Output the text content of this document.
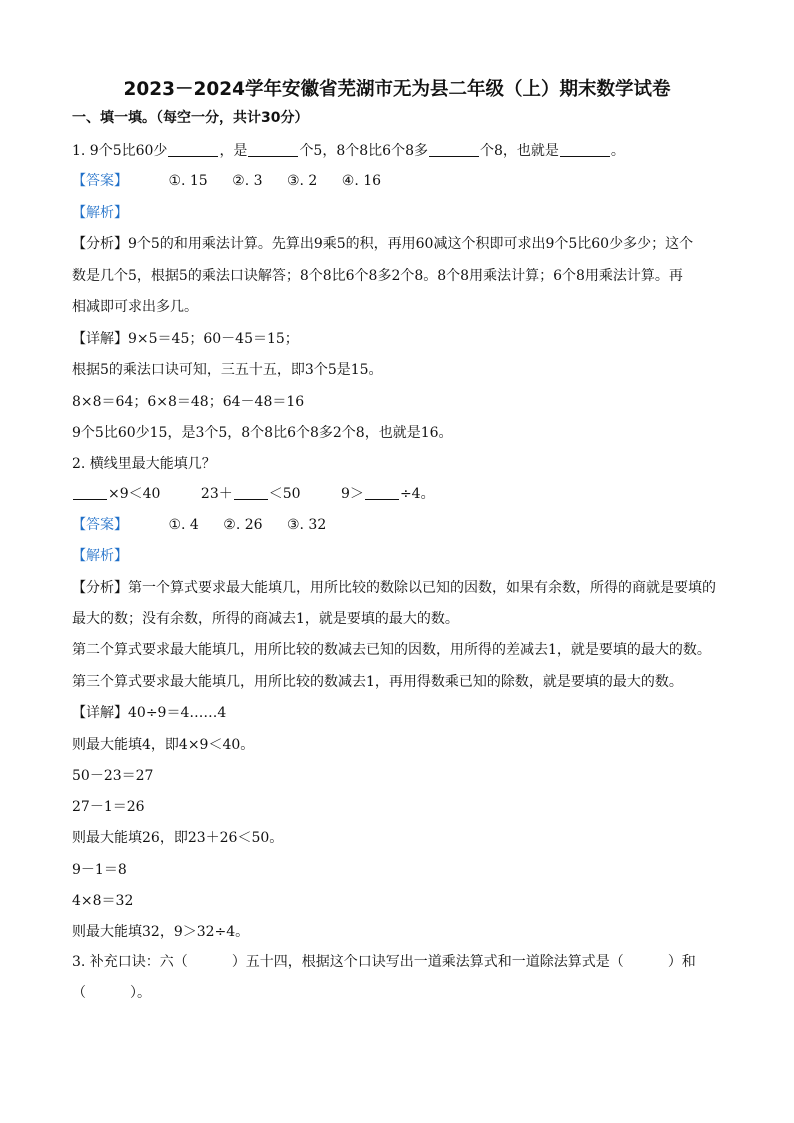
2023－2024学年安徽省芜湖市无为县二年级（上）期末数学试卷
一、填一填。（每空一分，共计30分）
1. 9个5比60少	，是	个5，8个8比6个8多	个8，也就是	。
【答案】	①. 15 ②. 3 ③. 2 ④. 16
【解析】
【分析】9个5的和用乘法计算。先算出9乘5的积，再用60减这个积即可求出9个5比60少多少；这个
数是几个5，根据5的乘法口诀解答；8个8比6个8多2个8。8个8用乘法计算；6个8用乘法计算。再
相减即可求出多几。
【详解】9×5＝45；60－45＝15；
根据5的乘法口诀可知，三五十五，即3个5是15。
8×8＝64；6×8＝48；64－48＝16
9个5比60少15，是3个5，8个8比6个8多2个8，也就是16。
2. 横线里最大能填几？
×9＜40	23＋	＜50	9＞	÷4。
【答案】	①. 4 ②. 26 ③. 32
【解析】
【分析】第一个算式要求最大能填几，用所比较的数除以已知的因数，如果有余数，所得的商就是要填的
最大的数；没有余数，所得的商减去1，就是要填的最大的数。
第二个算式要求最大能填几，用所比较的数减去已知的因数，用所得的差减去1，就是要填的最大的数。
第三个算式要求最大能填几，用所比较的数减去1，再用得数乘已知的除数，就是要填的最大的数。
【详解】40÷9＝4……4
则最大能填4，即4×9＜40。
50－23＝27
27－1＝26
则最大能填26，即23＋26＜50。
9－1＝8
4×8＝32
则最大能填32，9＞32÷4。
3. 补充口诀：六（	）五十四，根据这个口诀写出一道乘法算式和一道除法算式是（	）和
（	）。
